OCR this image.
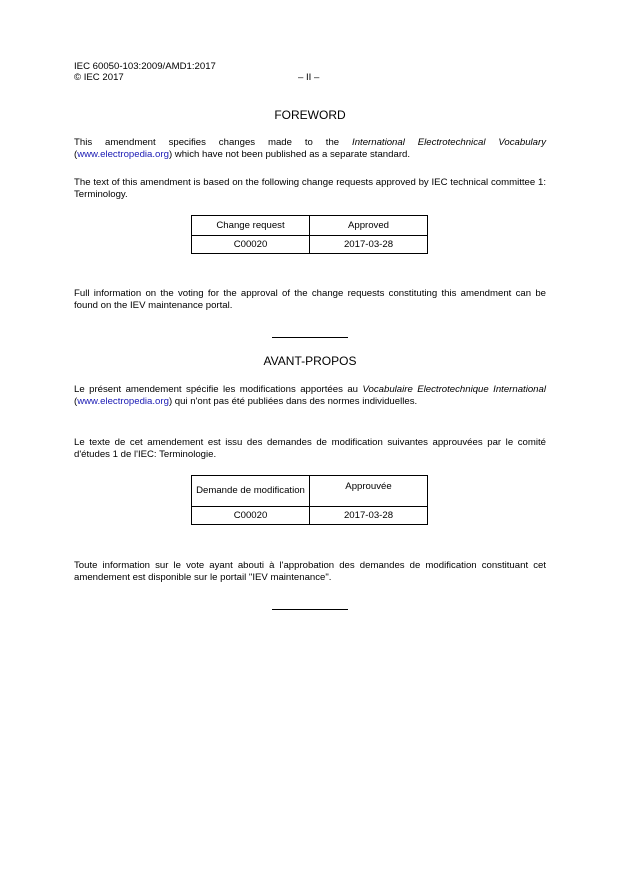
IEC 60050-103:2009/AMD1:2017
© IEC 2017	– II –
FOREWORD

This amendment specifies changes made to the International Electrotechnical Vocabulary (www.electropedia.org) which have not been published as a separate standard.

The text of this amendment is based on the following change requests approved by IEC technical committee 1: Terminology.

Change request	Approved
C00020	2017-03-28

Full information on the voting for the approval of the change requests constituting this amendment can be found on the IEV maintenance portal.

AVANT-PROPOS

Le présent amendement spécifie les modifications apportées au Vocabulaire Electrotechnique International (www.electropedia.org) qui n'ont pas été publiées dans des normes individuelles.

Le texte de cet amendement est issu des demandes de modification suivantes approuvées par le comité d'études 1 de l'IEC: Terminologie.

Demande de modification	Approuvée
C00020	2017-03-28

Toute information sur le vote ayant abouti à l'approbation des demandes de modification constituant cet amendement est disponible sur le portail "IEV maintenance".
